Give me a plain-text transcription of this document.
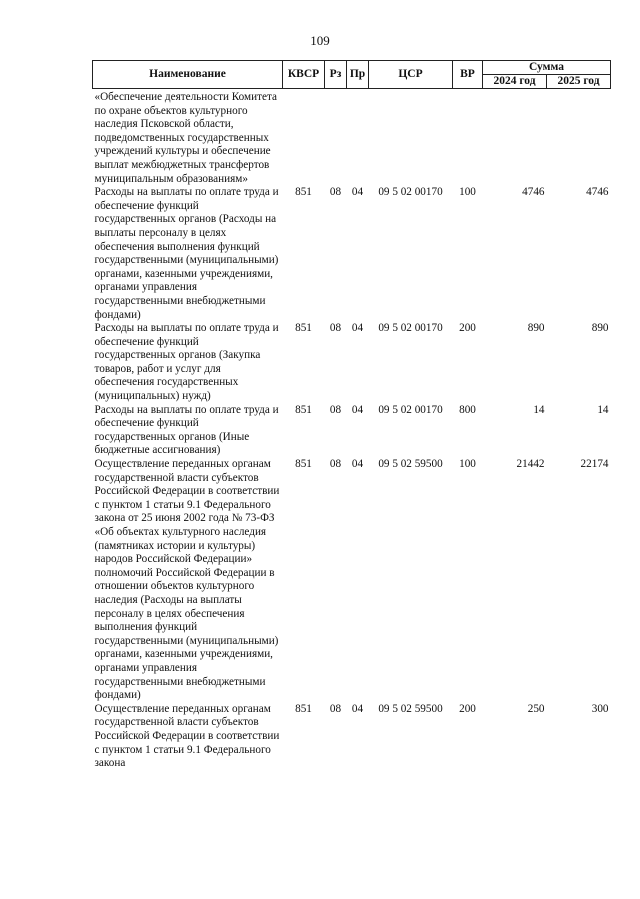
109
Наименование	КВСР	Рз	Пр	ЦСР	ВР	Сумма	
						2024 год	2025 год
«Обеспечение деятельности Комитета по охране объектов культурного наследия Псковской области, подведомственных государственных учреждений культуры и обеспечение выплат межбюджетных трансфертов муниципальным образованиям»							
Расходы на выплаты по оплате труда и обеспечение функций государственных органов (Расходы на выплаты персоналу в целях обеспечения выполнения функций государственными (муниципальными) органами, казенными учреждениями, органами управления государственными внебюджетными фондами)	851	08	04	09 5 02 00170	100	4746	4746
Расходы на выплаты по оплате труда и обеспечение функций государственных органов (Закупка товаров, работ и услуг для обеспечения государственных (муниципальных) нужд)	851	08	04	09 5 02 00170	200	890	890
Расходы на выплаты по оплате труда и обеспечение функций государственных органов (Иные бюджетные ассигнования)	851	08	04	09 5 02 00170	800	14	14
Осуществление переданных органам государственной власти субъектов Российской Федерации в соответствии с пунктом 1 статьи 9.1 Федерального закона от 25 июня 2002 года № 73-ФЗ «Об объектах культурного наследия (памятниках истории и культуры) народов Российской Федерации» полномочий Российской Федерации в отношении объектов культурного наследия (Расходы на выплаты персоналу в целях обеспечения выполнения функций государственными (муниципальными) органами, казенными учреждениями, органами управления государственными внебюджетными фондами)	851	08	04	09 5 02 59500	100	21442	22174
Осуществление переданных органам государственной власти субъектов Российской Федерации в соответствии с пунктом 1 статьи 9.1 Федерального закона	851	08	04	09 5 02 59500	200	250	300
